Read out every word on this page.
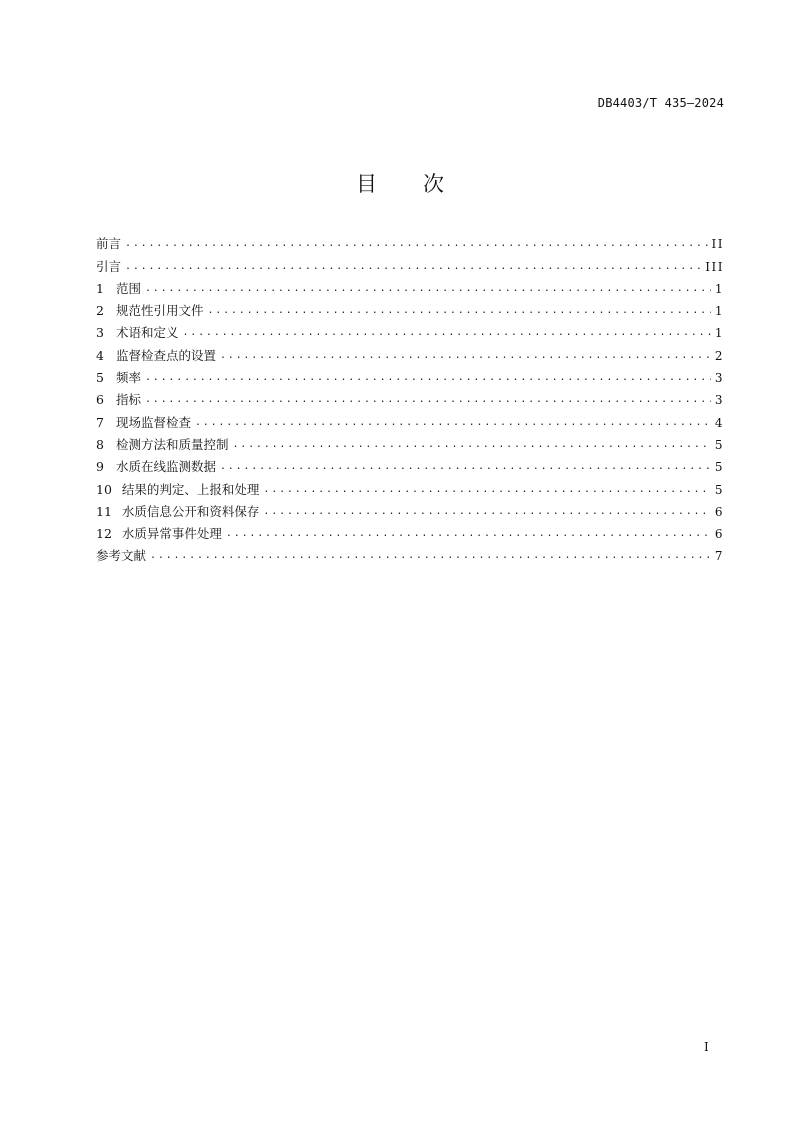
DB4403/T 435—2024
目 次
前言 .....	II
引言 .....	III
1 范围 .....	1
2 规范性引用文件 .....	1
3 术语和定义 .....	1
4 监督检查点的设置 .....	2
5 频率 .....	3
6 指标 .....	3
7 现场监督检查 .....	4
8 检测方法和质量控制 .....	5
9 水质在线监测数据 .....	5
10 结果的判定、上报和处理 .....	5
11 水质信息公开和资料保存 .....	6
12 水质异常事件处理 .....	6
参考文献 .....	7
I
